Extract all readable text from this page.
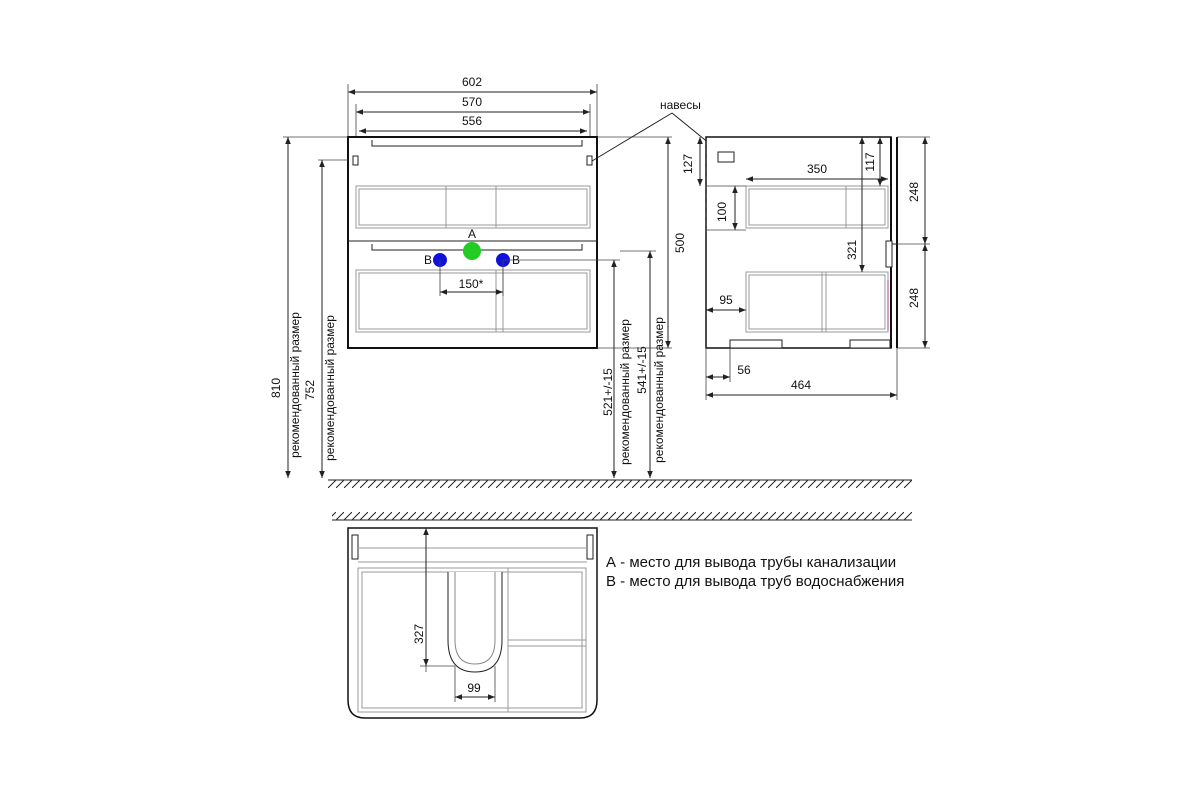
602
570
556
A
B	B
150*
500
навесы
810 рекомендованный размер 752 рекомендованный размер	521+/-15 рекомендованный размер 541+/-15 рекомендованный размер
127
100
350	117
321
248
248
95
56
464
327
99
А - место для вывода трубы канализации
В - место для вывода труб водоснабжения
